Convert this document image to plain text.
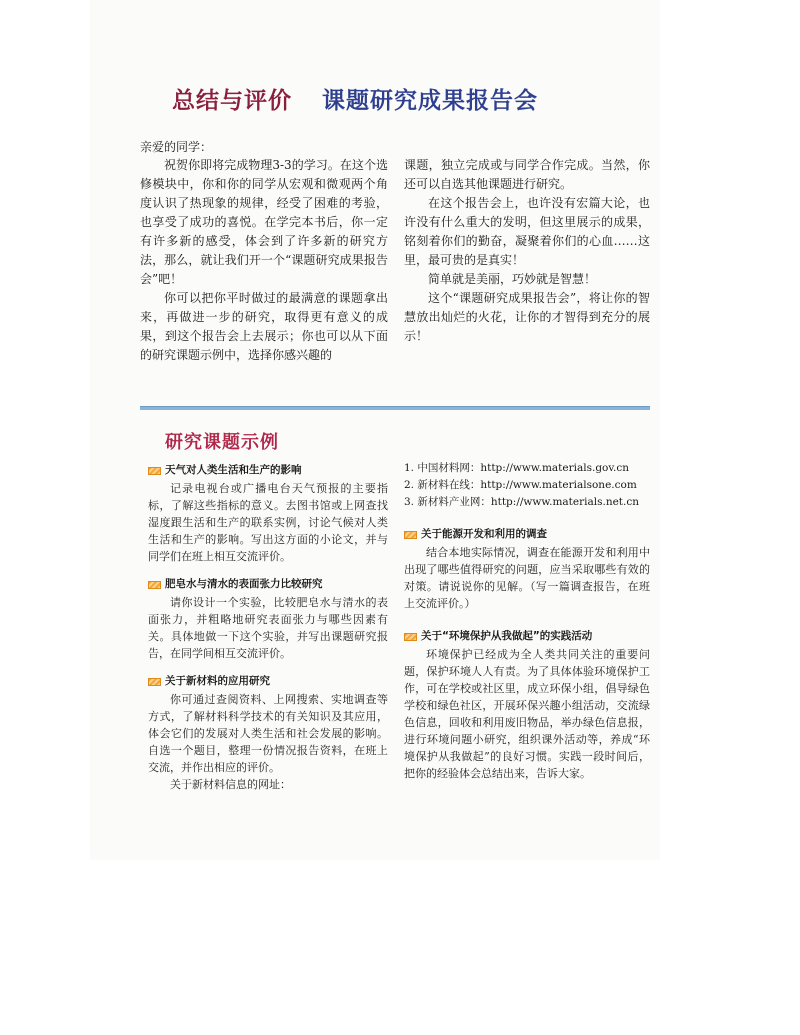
总结与评价 课题研究成果报告会
亲爱的同学：

祝贺你即将完成物理3-3的学习。在这个选修模块中，你和你的同学从宏观和微观两个角度认识了热现象的规律，经受了困难的考验，也享受了成功的喜悦。在学完本书后，你一定有许多新的感受，体会到了许多新的研究方法，那么，就让我们开一个“课题研究成果报告会”吧！

你可以把你平时做过的最满意的课题拿出来，再做进一步的研究，取得更有意义的成果，到这个报告会上去展示；你也可以从下面的研究课题示例中，选择你感兴趣的

课题，独立完成或与同学合作完成。当然，你还可以自选其他课题进行研究。

在这个报告会上，也许没有宏篇大论，也许没有什么重大的发明，但这里展示的成果，铭刻着你们的勤奋，凝聚着你们的心血……这里，最可贵的是真实！

简单就是美丽，巧妙就是智慧！

这个“课题研究成果报告会”，将让你的智慧放出灿烂的火花，让你的才智得到充分的展示！

研究课题示例
天气对人类生活和生产的影响
记录电视台或广播电台天气预报的主要指标，了解这些指标的意义。去图书馆或上网查找湿度跟生活和生产的联系实例，讨论气候对人类生活和生产的影响。写出这方面的小论文，并与同学们在班上相互交流评价。
肥皂水与清水的表面张力比较研究
请你设计一个实验，比较肥皂水与清水的表面张力，并粗略地研究表面张力与哪些因素有关。具体地做一下这个实验，并写出课题研究报告，在同学间相互交流评价。
关于新材料的应用研究
你可通过查阅资料、上网搜索、实地调查等方式，了解材料科学技术的有关知识及其应用，体会它们的发展对人类生活和社会发展的影响。自选一个题目，整理一份情况报告资料，在班上交流，并作出相应的评价。
关于新材料信息的网址：
1. 中国材料网：http://www.materials.gov.cn
2. 新材料在线：http://www.materialsone.com
3. 新材料产业网：http://www.materials.net.cn
关于能源开发和利用的调查
结合本地实际情况，调查在能源开发和利用中出现了哪些值得研究的问题，应当采取哪些有效的对策。请说说你的见解。（写一篇调查报告，在班上交流评价。）
关于“环境保护从我做起”的实践活动
环境保护已经成为全人类共同关注的重要问题，保护环境人人有责。为了具体体验环境保护工作，可在学校或社区里，成立环保小组，倡导绿色学校和绿色社区，开展环保兴趣小组活动，交流绿色信息，回收和利用废旧物品，举办绿色信息报，进行环境问题小研究，组织课外活动等，养成“环境保护从我做起”的良好习惯。实践一段时间后，把你的经验体会总结出来，告诉大家。
